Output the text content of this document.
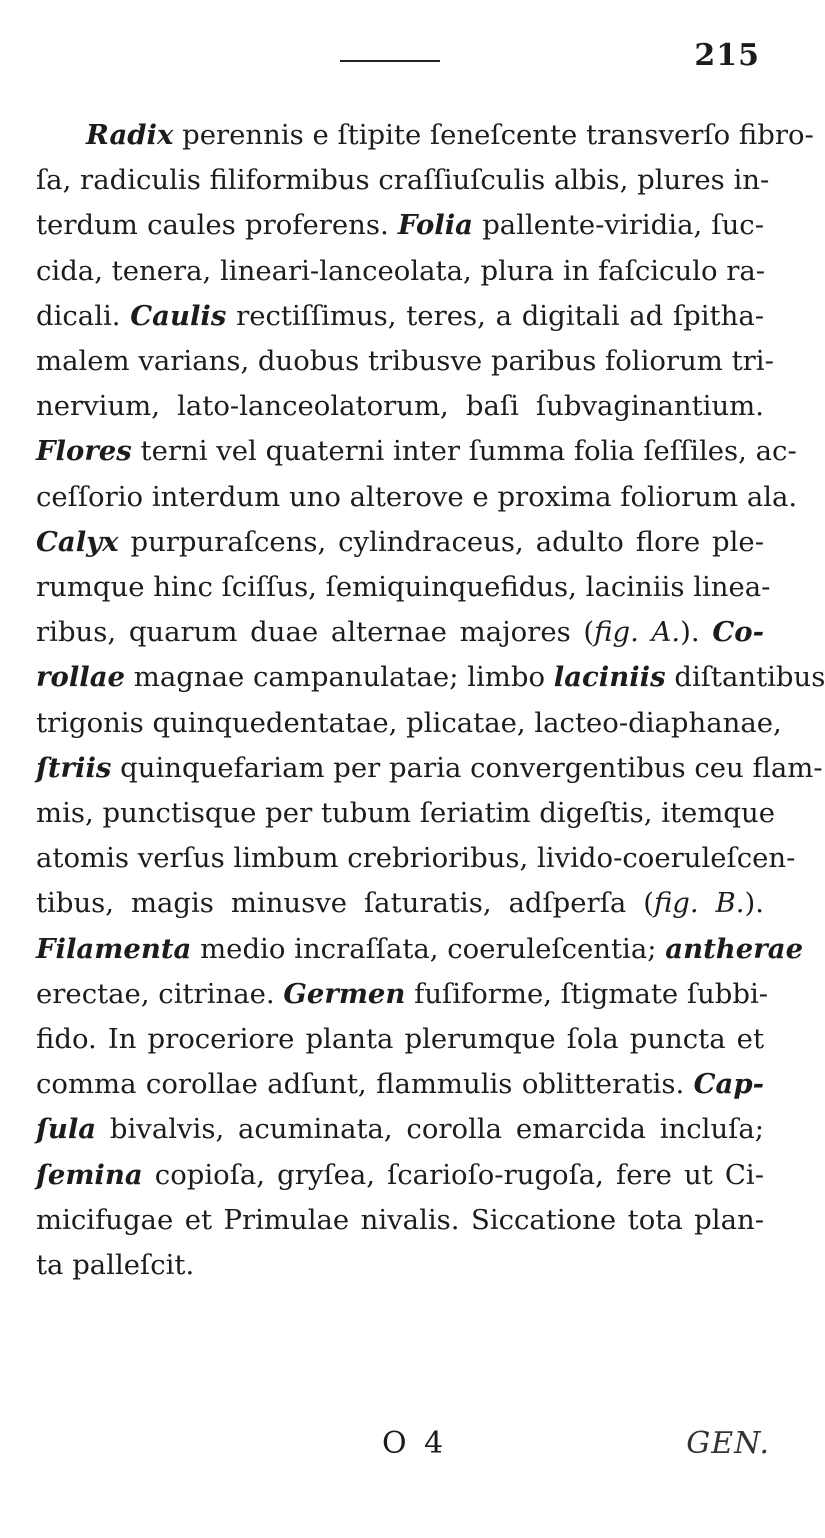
215
Radix perennis e ſtipite ſeneſcente transverſo fibro-
ſa, radiculis filiformibus craſſiuſculis albis, plures in-
terdum caules proferens. Folia pallente-viridia, ſuc-
cida, tenera, lineari-lanceolata, plura in faſciculo ra-
dicali. Caulis rectiſſimus, teres, a digitali ad ſpitha-
malem varians, duobus tribusve paribus foliorum tri-
nervium, lato-lanceolatorum, baſi ſubvaginantium.
Flores terni vel quaterni inter ſumma folia ſeſſiles, ac-
ceſſorio interdum uno alterove e proxima foliorum ala.
Calyx purpuraſcens, cylindraceus, adulto flore ple-
rumque hinc ſciſſus, ſemiquinquefidus, laciniis linea-
ribus, quarum duae alternae majores (fig. A.). Co-
rollae magnae campanulatae; limbo laciniis diſtantibus
trigonis quinquedentatae, plicatae, lacteo-diaphanae,
ſtriis quinquefariam per paria convergentibus ceu flam-
mis, punctisque per tubum ſeriatim digeſtis, itemque
atomis verſus limbum crebrioribus, livido-coeruleſcen-
tibus, magis minusve ſaturatis, adſperſa (fig. B.).
Filamenta medio incraſſata, coeruleſcentia; antherae
erectae, citrinae. Germen fuſiforme, ſtigmate ſubbi-
fido. In proceriore planta plerumque ſola puncta et
comma corollae adſunt, flammulis oblitteratis. Cap-
ſula bivalvis, acuminata, corolla emarcida incluſa;
ſemina copioſa, gryſea, ſcarioſo-rugoſa, fere ut Ci-
micifugae et Primulae nivalis. Siccatione tota plan-
ta palleſcit.
O 4	GEN.
